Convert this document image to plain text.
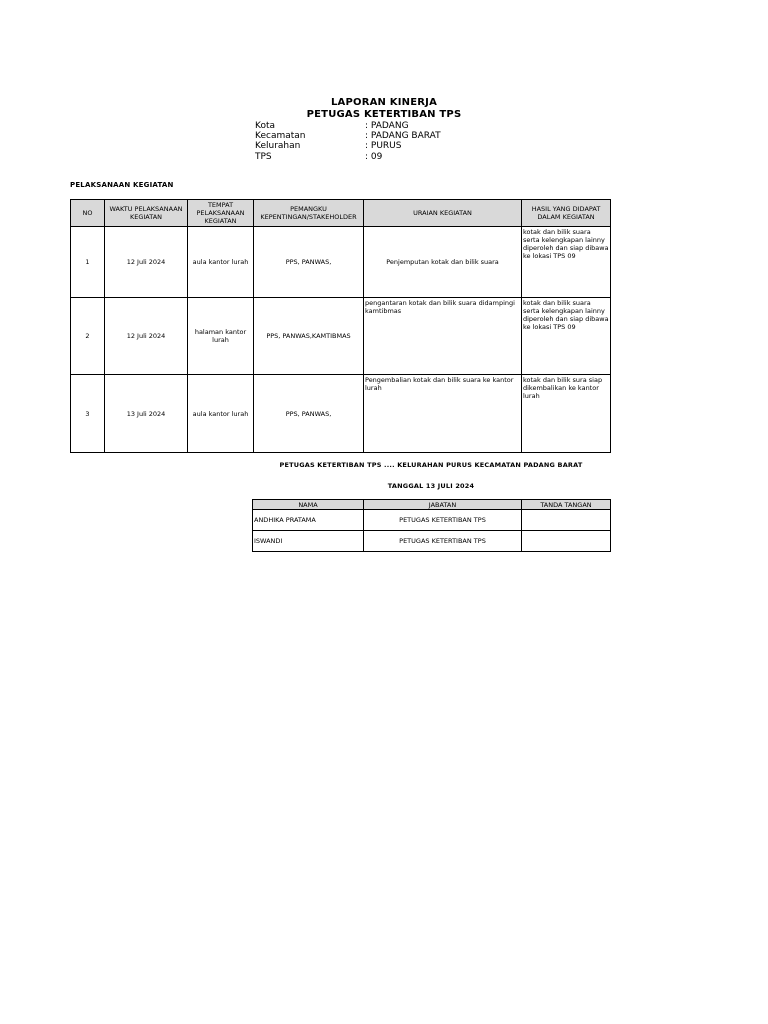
LAPORAN KINERJA
PETUGAS KETERTIBAN TPS
Kota	: PADANG
Kecamatan	: PADANG BARAT
Kelurahan	: PURUS
TPS	: 09
PELAKSANAAN KEGIATAN
NO	WAKTU PELAKSANAAN KEGIATAN	TEMPAT PELAKSANAAN KEGIATAN	PEMANGKU KEPENTINGAN/STAKEHOLDER	URAIAN KEGIATAN	HASIL YANG DIDAPAT DALAM KEGIATAN
1	12 Juli 2024	aula kantor lurah	PPS, PANWAS,	Penjemputan kotak dan bilik suara	kotak dan bilik suara serta kelengkapan lainny diperoleh dan siap dibawa ke lokasi TPS 09
2	12 Juli 2024	halaman kantor lurah	PPS, PANWAS,KAMTIBMAS	pengantaran kotak dan bilik suara didampingi kamtibmas	kotak dan bilik suara serta kelengkapan lainny diperoleh dan siap dibawa ke lokasi TPS 09
3	13 Juli 2024	aula kantor lurah	PPS, PANWAS,	Pengembalian kotak dan bilik suara ke kantor lurah	kotak dan bilik sura siap dikembalikan ke kantor lurah
PETUGAS KETERTIBAN TPS .... KELURAHAN PURUS KECAMATAN PADANG BARAT
TANGGAL 13 JULI 2024
NAMA	JABATAN	TANDA TANGAN
ANDHIKA PRATAMA	PETUGAS KETERTIBAN TPS	
ISWANDI	PETUGAS KETERTIBAN TPS	
